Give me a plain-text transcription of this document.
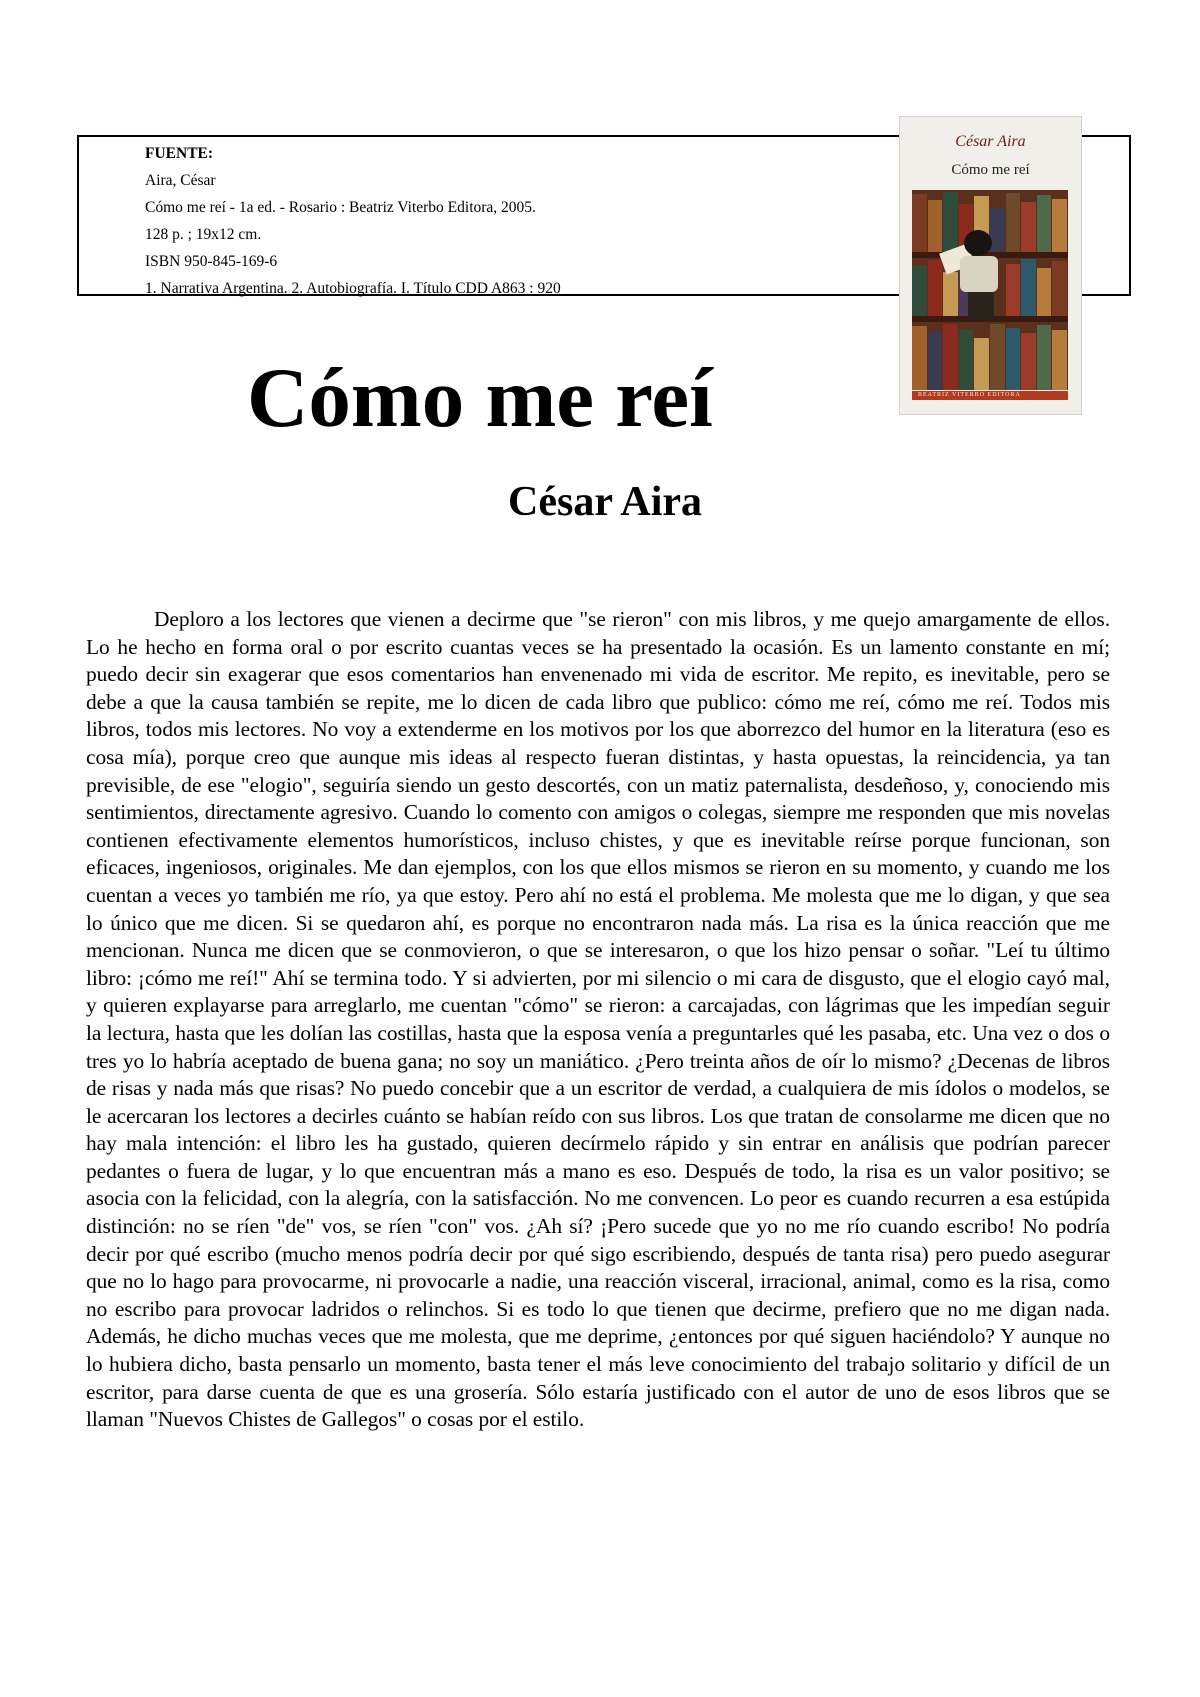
FUENTE:
Aira, César
Cómo me reí - 1a ed. - Rosario : Beatriz Viterbo Editora, 2005.
128 p. ; 19x12 cm.
ISBN 950-845-169-6
1. Narrativa Argentina. 2. Autobiografía. I. Título CDD A863 : 920
César Aira
Cómo me reí
BEATRIZ VITERBO EDITORA
Cómo me reí
César Aira

Deploro a los lectores que vienen a decirme que "se rieron" con mis libros, y me quejo amargamente de ellos. Lo he hecho en forma oral o por escrito cuantas veces se ha presentado la ocasión. Es un lamento constante en mí; puedo decir sin exagerar que esos comentarios han envenenado mi vida de escritor. Me repito, es inevitable, pero se debe a que la causa también se repite, me lo dicen de cada libro que publico: cómo me reí, cómo me reí. Todos mis libros, todos mis lectores. No voy a extenderme en los motivos por los que aborrezco del humor en la literatura (eso es cosa mía), porque creo que aunque mis ideas al respecto fueran distintas, y hasta opuestas, la reincidencia, ya tan previsible, de ese "elogio", seguiría siendo un gesto descortés, con un matiz paternalista, desdeñoso, y, conociendo mis sentimientos, directamente agresivo. Cuando lo comento con amigos o colegas, siempre me responden que mis novelas contienen efectivamente elementos humorísticos, incluso chistes, y que es inevitable reírse porque funcionan, son eficaces, ingeniosos, originales. Me dan ejemplos, con los que ellos mismos se rieron en su momento, y cuando me los cuentan a veces yo también me río, ya que estoy. Pero ahí no está el problema. Me molesta que me lo digan, y que sea lo único que me dicen. Si se quedaron ahí, es porque no encontraron nada más. La risa es la única reacción que me mencionan. Nunca me dicen que se conmovieron, o que se interesaron, o que los hizo pensar o soñar. "Leí tu último libro: ¡cómo me reí!" Ahí se termina todo. Y si advierten, por mi silencio o mi cara de disgusto, que el elogio cayó mal, y quieren explayarse para arreglarlo, me cuentan "cómo" se rieron: a carcajadas, con lágrimas que les impedían seguir la lectura, hasta que les dolían las costillas, hasta que la esposa venía a preguntarles qué les pasaba, etc. Una vez o dos o tres yo lo habría aceptado de buena gana; no soy un maniático. ¿Pero treinta años de oír lo mismo? ¿Decenas de libros de risas y nada más que risas? No puedo concebir que a un escritor de verdad, a cualquiera de mis ídolos o modelos, se le acercaran los lectores a decirles cuánto se habían reído con sus libros. Los que tratan de consolarme me dicen que no hay mala intención: el libro les ha gustado, quieren decírmelo rápido y sin entrar en análisis que podrían parecer pedantes o fuera de lugar, y lo que encuentran más a mano es eso. Después de todo, la risa es un valor positivo; se asocia con la felicidad, con la alegría, con la satisfacción. No me convencen. Lo peor es cuando recurren a esa estúpida distinción: no se ríen "de" vos, se ríen "con" vos. ¿Ah sí? ¡Pero sucede que yo no me río cuando escribo! No podría decir por qué escribo (mucho menos podría decir por qué sigo escribiendo, después de tanta risa) pero puedo asegurar que no lo hago para provocarme, ni provocarle a nadie, una reacción visceral, irracional, animal, como es la risa, como no escribo para provocar ladridos o relinchos. Si es todo lo que tienen que decirme, prefiero que no me digan nada. Además, he dicho muchas veces que me molesta, que me deprime, ¿entonces por qué siguen haciéndolo? Y aunque no lo hubiera dicho, basta pensarlo un momento, basta tener el más leve conocimiento del trabajo solitario y difícil de un escritor, para darse cuenta de que es una grosería. Sólo estaría justificado con el autor de uno de esos libros que se llaman "Nuevos Chistes de Gallegos" o cosas por el estilo.
